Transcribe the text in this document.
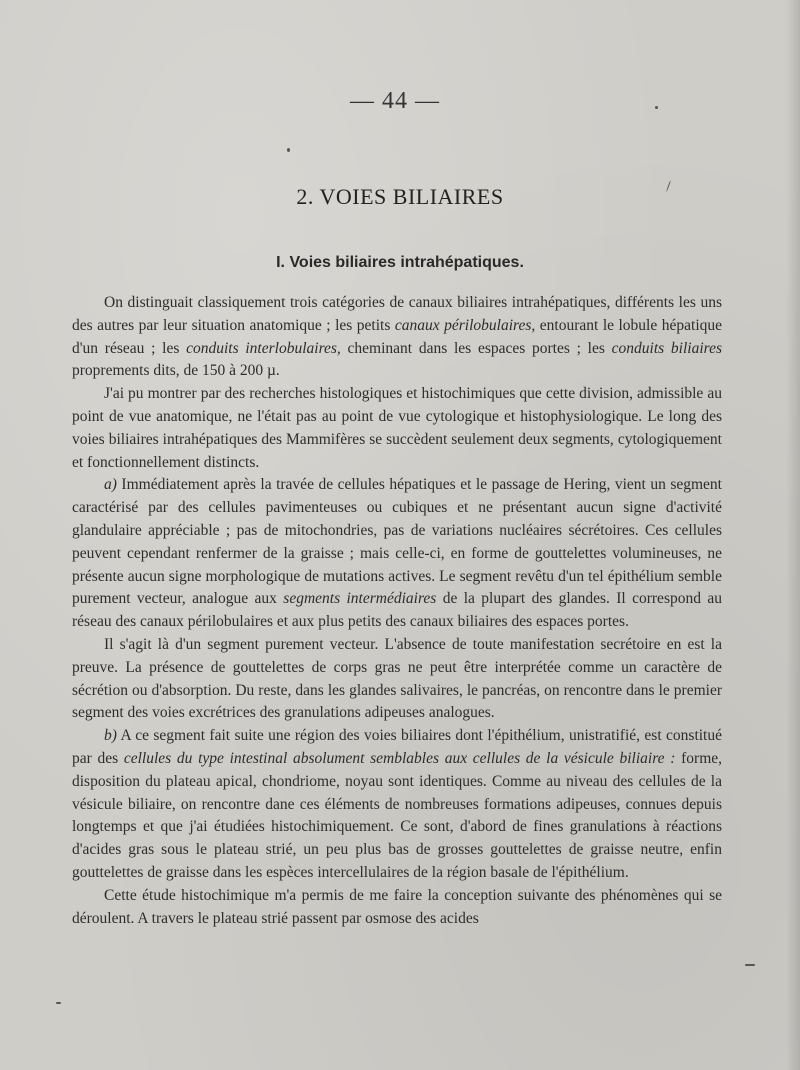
— 44 —
2. VOIES BILIAIRES
I. Voies biliaires intrahépatiques.

On distinguait classiquement trois catégories de canaux biliaires intrahépatiques, différents les uns des autres par leur situation anatomique ; les petits canaux périlobulaires, entourant le lobule hépatique d'un réseau ; les conduits interlobulaires, cheminant dans les espaces portes ; les conduits biliaires proprements dits, de 150 à 200 µ.

J'ai pu montrer par des recherches histologiques et histochimiques que cette division, admissible au point de vue anatomique, ne l'était pas au point de vue cytologique et histophysiologique. Le long des voies biliaires intrahépatiques des Mammifères se succèdent seulement deux segments, cytologiquement et fonctionnellement distincts.

a) Immédiatement après la travée de cellules hépatiques et le passage de Hering, vient un segment caractérisé par des cellules pavimenteuses ou cubiques et ne présentant aucun signe d'activité glandulaire appréciable ; pas de mitochondries, pas de variations nucléaires sécrétoires. Ces cellules peuvent cependant renfermer de la graisse ; mais celle-ci, en forme de gouttelettes volumineuses, ne présente aucun signe morphologique de mutations actives. Le segment revêtu d'un tel épithélium semble purement vecteur, analogue aux segments intermédiaires de la plupart des glandes. Il correspond au réseau des canaux périlobulaires et aux plus petits des canaux biliaires des espaces portes.

Il s'agit là d'un segment purement vecteur. L'absence de toute manifestation secrétoire en est la preuve. La présence de gouttelettes de corps gras ne peut être interprétée comme un caractère de sécrétion ou d'absorption. Du reste, dans les glandes salivaires, le pancréas, on rencontre dans le premier segment des voies excrétrices des granulations adipeuses analogues.

b) A ce segment fait suite une région des voies biliaires dont l'épithélium, unistratifié, est constitué par des cellules du type intestinal absolument semblables aux cellules de la vésicule biliaire : forme, disposition du plateau apical, chondriome, noyau sont identiques. Comme au niveau des cellules de la vésicule biliaire, on rencontre dane ces éléments de nombreuses formations adipeuses, connues depuis longtemps et que j'ai étudiées histochimiquement. Ce sont, d'abord de fines granulations à réactions d'acides gras sous le plateau strié, un peu plus bas de grosses gouttelettes de graisse neutre, enfin gouttelettes de graisse dans les espèces intercellulaires de la région basale de l'épithélium.

Cette étude histochimique m'a permis de me faire la conception suivante des phénomènes qui se déroulent. A travers le plateau strié passent par osmose des acides
